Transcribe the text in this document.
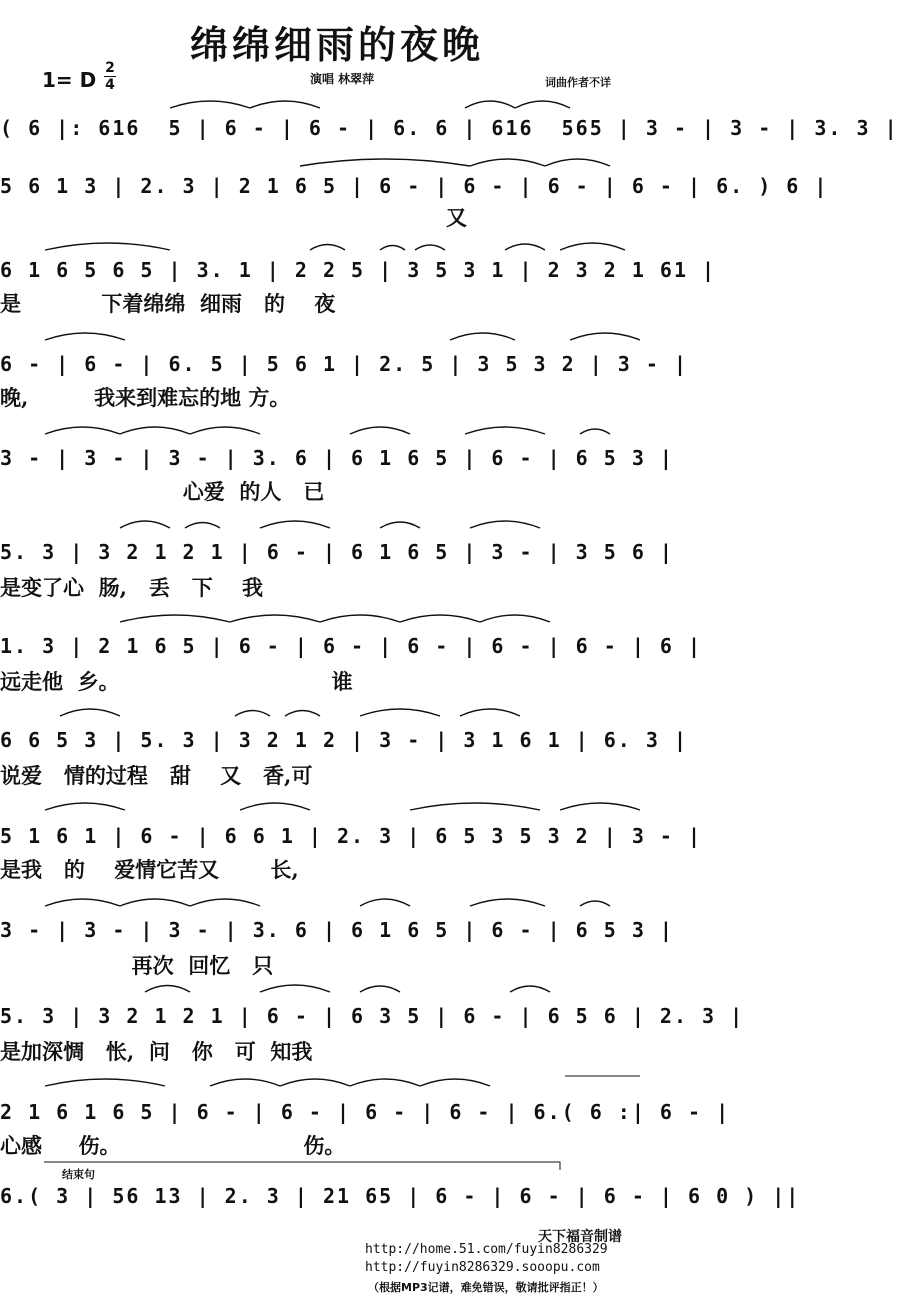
绵绵细雨的夜晚
1= D 2
4	演唱 林翠萍	词曲作者不详
( 6 |: 616  5 | 6 - | 6 - | 6. 6 | 616  565 | 3 - | 3 - | 3. 3 |
5 6 1 3 | 2. 3 | 2 1 6 5 | 6 - | 6 - | 6 - | 6 - | 6. ) 6 |
又
6 1 6 5 6 5 | 3. 1 | 2 2 5 | 3 5 3 1 | 2 3 2 1 61 |
是           下着绵绵  细雨   的    夜
6 - | 6 - | 6. 5 | 5 6 1 | 2. 5 | 3 5 3 2 | 3 - |
晚,         我来到难忘的地 方。
3 - | 3 - | 3 - | 3. 6 | 6 1 6 5 | 6 - | 6 5 3 |
心爱  的人   已
5. 3 | 3 2 1 2 1 | 6 - | 6 1 6 5 | 3 - | 3 5 6 |
是变了心  肠,   丢   下    我
1. 3 | 2 1 6 5 | 6 - | 6 - | 6 - | 6 - | 6 - | 6 |
远走他  乡。                             谁
6 6 5 3 | 5. 3 | 3 2 1 2 | 3 - | 3 1 6 1 | 6. 3 |
说爱   情的过程   甜    又   香,可
5 1 6 1 | 6 - | 6 6 1 | 2. 3 | 6 5 3 5 3 2 | 3 - |
是我   的    爱情它苦又       长,
3 - | 3 - | 3 - | 3. 6 | 6 1 6 5 | 6 - | 6 5 3 |
再次  回忆   只
5. 3 | 3 2 1 2 1 | 6 - | 6 3 5 | 6 - | 6 5 6 | 2. 3 |
是加深惆   怅,  问   你   可  知我
2 1 6 1 6 5 | 6 - | 6 - | 6 - | 6 - | 6.( 6 :| 6 - |
心感     伤。                         伤。
结束句
6.( 3 | 56 13 | 2. 3 | 21 65 | 6 - | 6 - | 6 - | 6 0 ) ||
天下福音制谱
http://home.51.com/fuyin8286329
http://fuyin8286329.sooopu.com
（根据MP3记谱，难免错误，敬请批评指正！）
